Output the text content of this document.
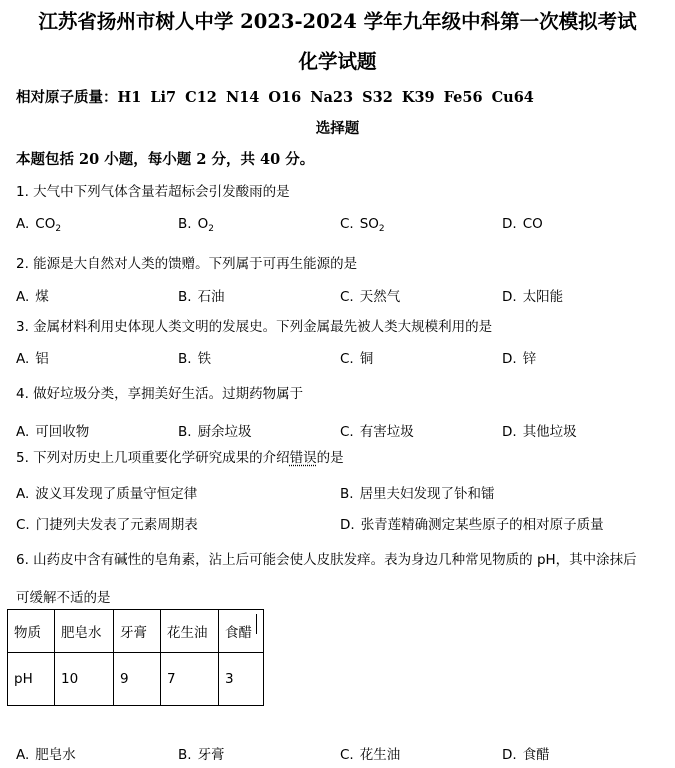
江苏省扬州市树人中学 2023-2024 学年九年级中科第一次模拟考试
化学试题
相对原子质量：H1 Li7 C12 N14 O16 Na23 S32 K39 Fe56 Cu64
选择题
本题包括 20 小题，每小题 2 分，共 40 分。
1. 大气中下列气体含量若超标会引发酸雨的是
A. $CO_2$	B. $O_2$	C. $SO_2$	D. CO
2. 能源是大自然对人类的馈赠。下列属于可再生能源的是
A. 煤	B. 石油	C. 天然气	D. 太阳能
3. 金属材料利用史体现人类文明的发展史。下列金属最先被人类大规模利用的是
A. 铝	B. 铁	C. 铜	D. 锌
4. 做好垃圾分类，享拥美好生活。过期药物属于
A. 可回收物	B. 厨余垃圾	C. 有害垃圾	D. 其他垃圾
5. 下列对历史上几项重要化学研究成果的介绍错误的是
A. 波义耳发现了质量守恒定律	B. 居里夫妇发现了钋和镭
C. 门捷列夫发表了元素周期表	D. 张青莲精确测定某些原子的相对原子质量
6. 山药皮中含有碱性的皂角素，沾上后可能会使人皮肤发痒。表为身边几种常见物质的 pH，其中涂抹后
可缓解不适的是
物质	肥皂水	牙膏	花生油	食醋
pH	10	9	7	3
A. 肥皂水	B. 牙膏	C. 花生油	D. 食醋
